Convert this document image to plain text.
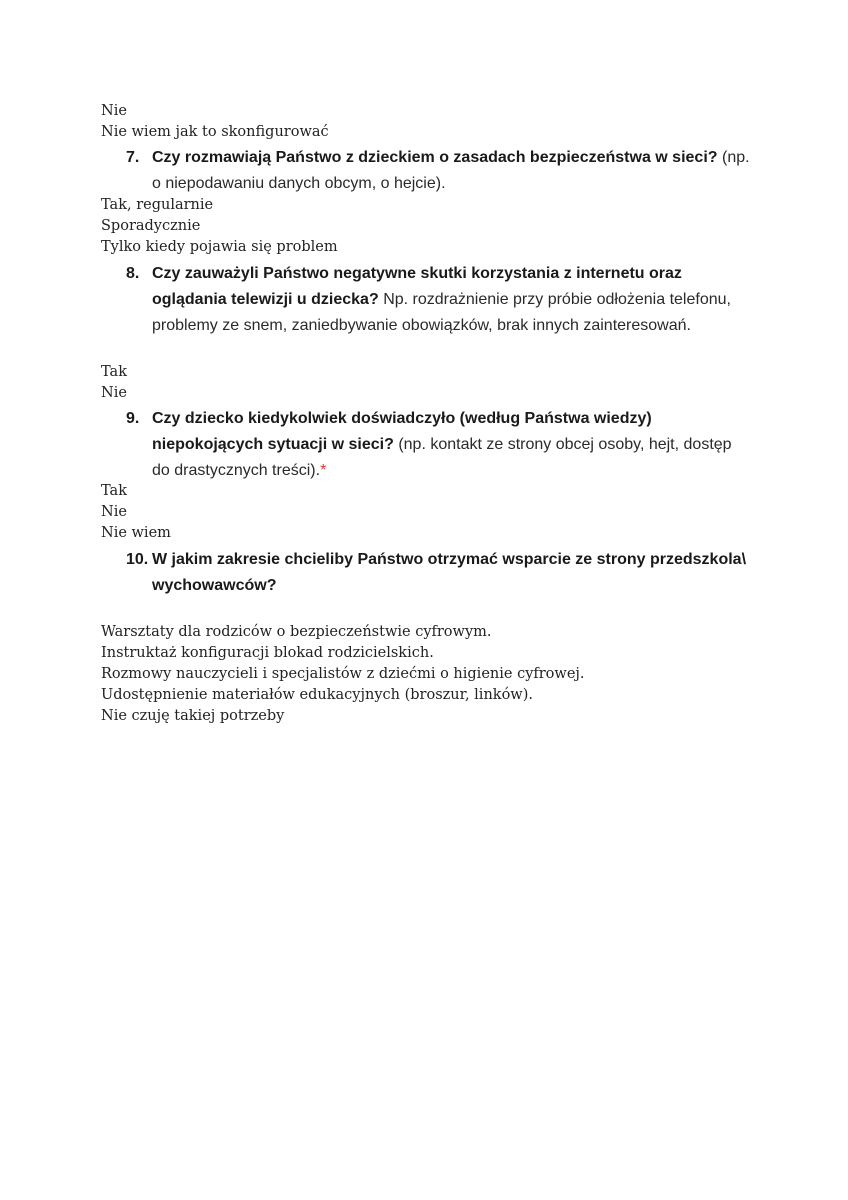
Nie
Nie wiem jak to skonfigurować
7. Czy rozmawiają Państwo z dzieckiem o zasadach bezpieczeństwa w sieci? (np. o niepodawaniu danych obcym, o hejcie).
Tak, regularnie
Sporadycznie
Tylko kiedy pojawia się problem
8. Czy zauważyli Państwo negatywne skutki korzystania z internetu oraz oglądania telewizji u dziecka? Np. rozdrażnienie przy próbie odłożenia telefonu, problemy ze snem, zaniedbywanie obowiązków, brak innych zainteresowań.
Tak
Nie
9. Czy dziecko kiedykolwiek doświadczyło (według Państwa wiedzy) niepokojących sytuacji w sieci? (np. kontakt ze strony obcej osoby, hejt, dostęp do drastycznych treści).*
Tak
Nie
Nie wiem
10. W jakim zakresie chcieliby Państwo otrzymać wsparcie ze strony przedszkola\ wychowawców?
Warsztaty dla rodziców o bezpieczeństwie cyfrowym.
Instruktaż konfiguracji blokad rodzicielskich.
Rozmowy nauczycieli i specjalistów z dziećmi o higienie cyfrowej.
Udostępnienie materiałów edukacyjnych (broszur, linków).
Nie czuję takiej potrzeby
